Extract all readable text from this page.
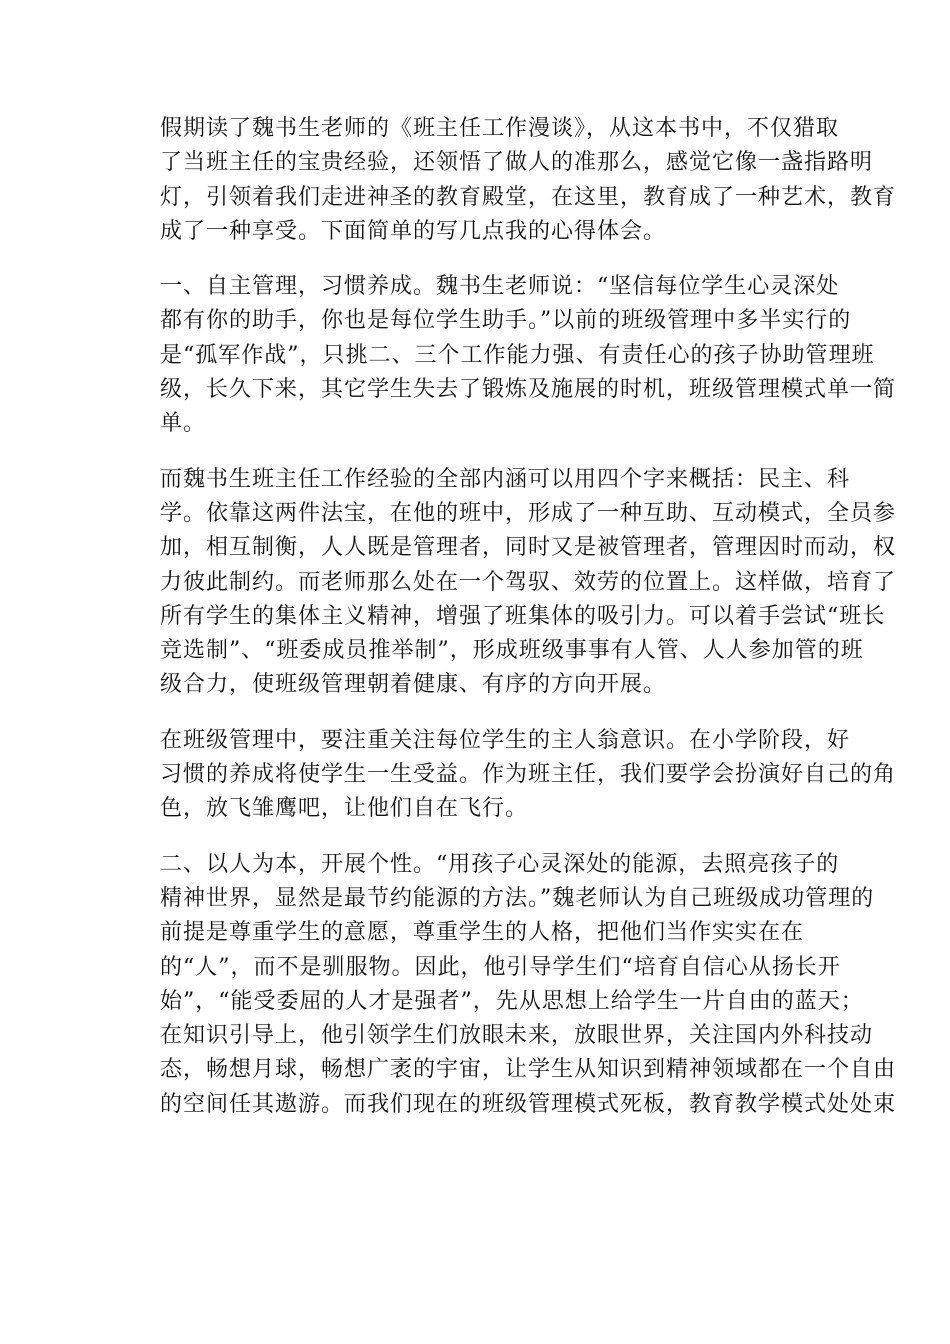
假期读了魏书生老师的《班主任工作漫谈》，从这本书中，不仅猎取
了当班主任的宝贵经验，还领悟了做人的准那么，感觉它像一盏指路明
灯，引领着我们走进神圣的教育殿堂，在这里，教育成了一种艺术，教育
成了一种享受。下面简单的写几点我的心得体会。

一、自主管理，习惯养成。魏书生老师说：“坚信每位学生心灵深处
都有你的助手，你也是每位学生助手。”以前的班级管理中多半实行的
是“孤军作战”，只挑二、三个工作能力强、有责任心的孩子协助管理班
级，长久下来，其它学生失去了锻炼及施展的时机，班级管理模式单一简
单。

而魏书生班主任工作经验的全部内涵可以用四个字来概括：民主、科
学。依靠这两件法宝，在他的班中，形成了一种互助、互动模式，全员参
加，相互制衡，人人既是管理者，同时又是被管理者，管理因时而动，权
力彼此制约。而老师那么处在一个驾驭、效劳的位置上。这样做，培育了
所有学生的集体主义精神，增强了班集体的吸引力。可以着手尝试“班长
竞选制”、“班委成员推举制”，形成班级事事有人管、人人参加管的班
级合力，使班级管理朝着健康、有序的方向开展。

在班级管理中，要注重关注每位学生的主人翁意识。在小学阶段，好
习惯的养成将使学生一生受益。作为班主任，我们要学会扮演好自己的角
色，放飞雏鹰吧，让他们自在飞行。

二、以人为本，开展个性。“用孩子心灵深处的能源，去照亮孩子的
精神世界，显然是最节约能源的方法。”魏老师认为自己班级成功管理的
前提是尊重学生的意愿，尊重学生的人格，把他们当作实实在在
的“人”，而不是驯服物。因此，他引导学生们“培育自信心从扬长开
始”，“能受委屈的人才是强者”，先从思想上给学生一片自由的蓝天；
在知识引导上，他引领学生们放眼未来，放眼世界，关注国内外科技动
态，畅想月球，畅想广袤的宇宙，让学生从知识到精神领域都在一个自由
的空间任其遨游。而我们现在的班级管理模式死板，教育教学模式处处束
